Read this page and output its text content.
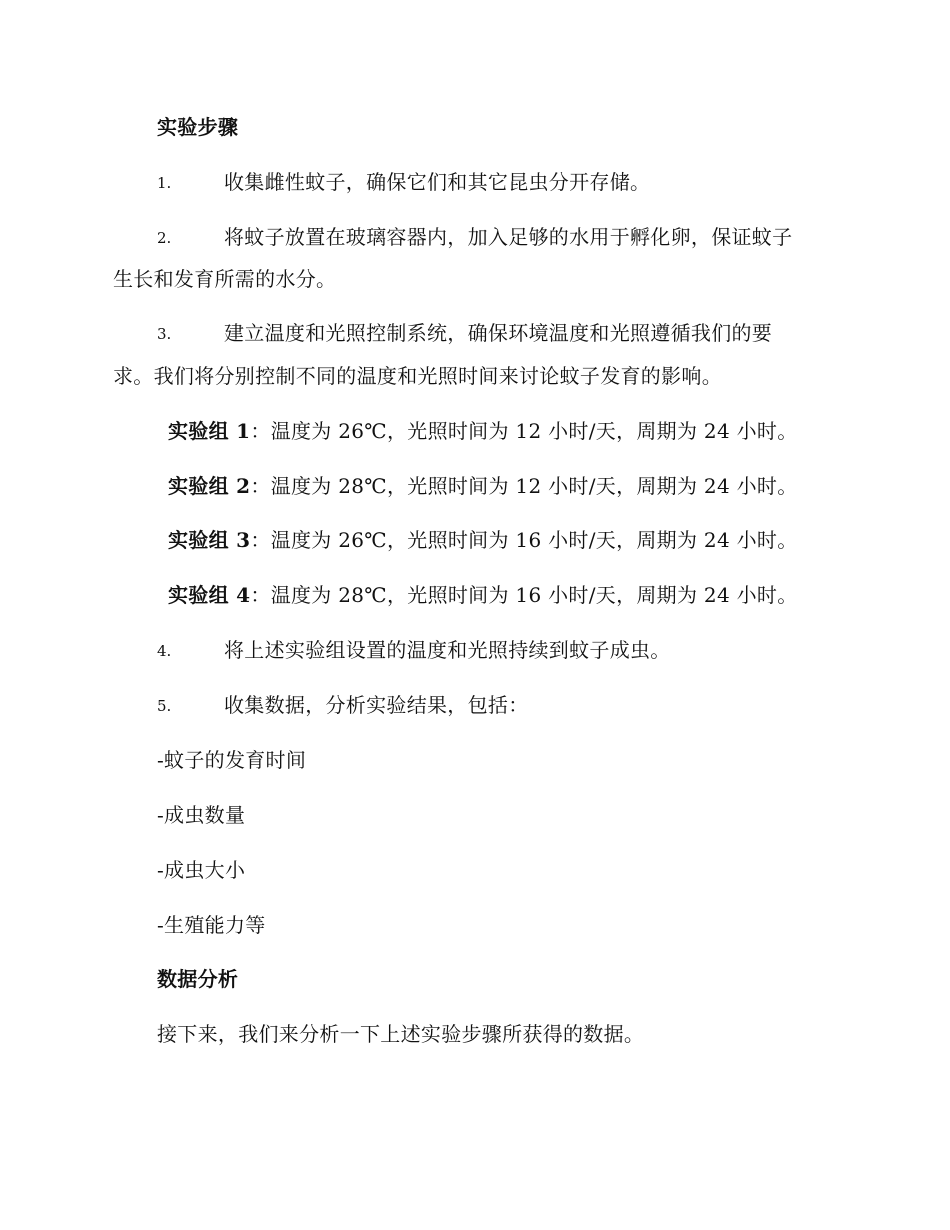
实验步骤
1.	收集雌性蚊子，确保它们和其它昆虫分开存储。
2.	将蚊子放置在玻璃容器内，加入足够的水用于孵化卵，保证蚊子
生长和发育所需的水分。
3.	建立温度和光照控制系统，确保环境温度和光照遵循我们的要
求。我们将分别控制不同的温度和光照时间来讨论蚊子发育的影响。
实验组 1：温度为 26℃，光照时间为 12 小时/天，周期为 24 小时。
实验组 2：温度为 28℃，光照时间为 12 小时/天，周期为 24 小时。
实验组 3：温度为 26℃，光照时间为 16 小时/天，周期为 24 小时。
实验组 4：温度为 28℃，光照时间为 16 小时/天，周期为 24 小时。
4.	将上述实验组设置的温度和光照持续到蚊子成虫。
5.	收集数据，分析实验结果，包括：
-蚊子的发育时间
-成虫数量
-成虫大小
-生殖能力等
数据分析
接下来，我们来分析一下上述实验步骤所获得的数据。
